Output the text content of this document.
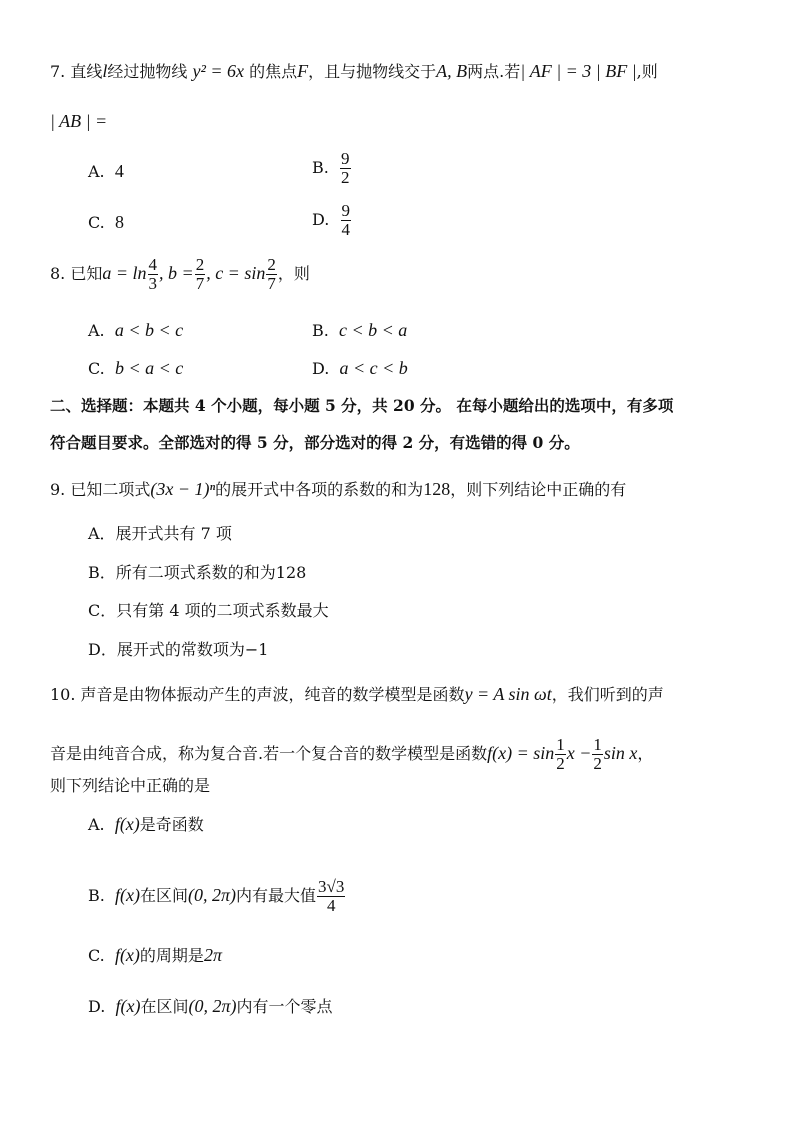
7. 直线l经过抛物线 y² = 6x 的焦点F，且与抛物线交于A, B两点.若| AF | = 3 | BF |,则
| AB | =
A. 4	B. $\frac{9}{2}$
C. 8	D. $\frac{9}{4}$
8. 已知$a = \ln \frac{4}{3}$ , $b = \frac{2}{7}$ , $c = \sin \frac{2}{7}$ ，则
A. a < b < c	B. c < b < a
C. b < a < c	D. a < c < b
二、选择题：本题共 4 个小题，每小题 5 分，共 20 分。 在每小题给出的选项中，有多项
符合题目要求。全部选对的得 5 分，部分选对的得 2 分，有选错的得 0 分。
9. 已知二项式(3x − 1)ⁿ的展开式中各项的系数的和为128，则下列结论中正确的有
A．展开式共有 7 项
B．所有二项式系数的和为128
C．只有第 4 项的二项式系数最大
D．展开式的常数项为−1
10. 声音是由物体振动产生的声波，纯音的数学模型是函数y = A sin ωt，我们听到的声
音是由纯音合成，称为复合音.若一个复合音的数学模型是函数$f(x) = \sin \frac{1}{2}$ $x - \frac{1}{2}$ sin x，
则下列结论中正确的是
A. f(x)是奇函数
B. f(x)在区间(0, 2π)内有最大值 $\frac{3√3}{4}$
C. f(x)的周期是2π
D. f(x)在区间(0, 2π)内有一个零点
